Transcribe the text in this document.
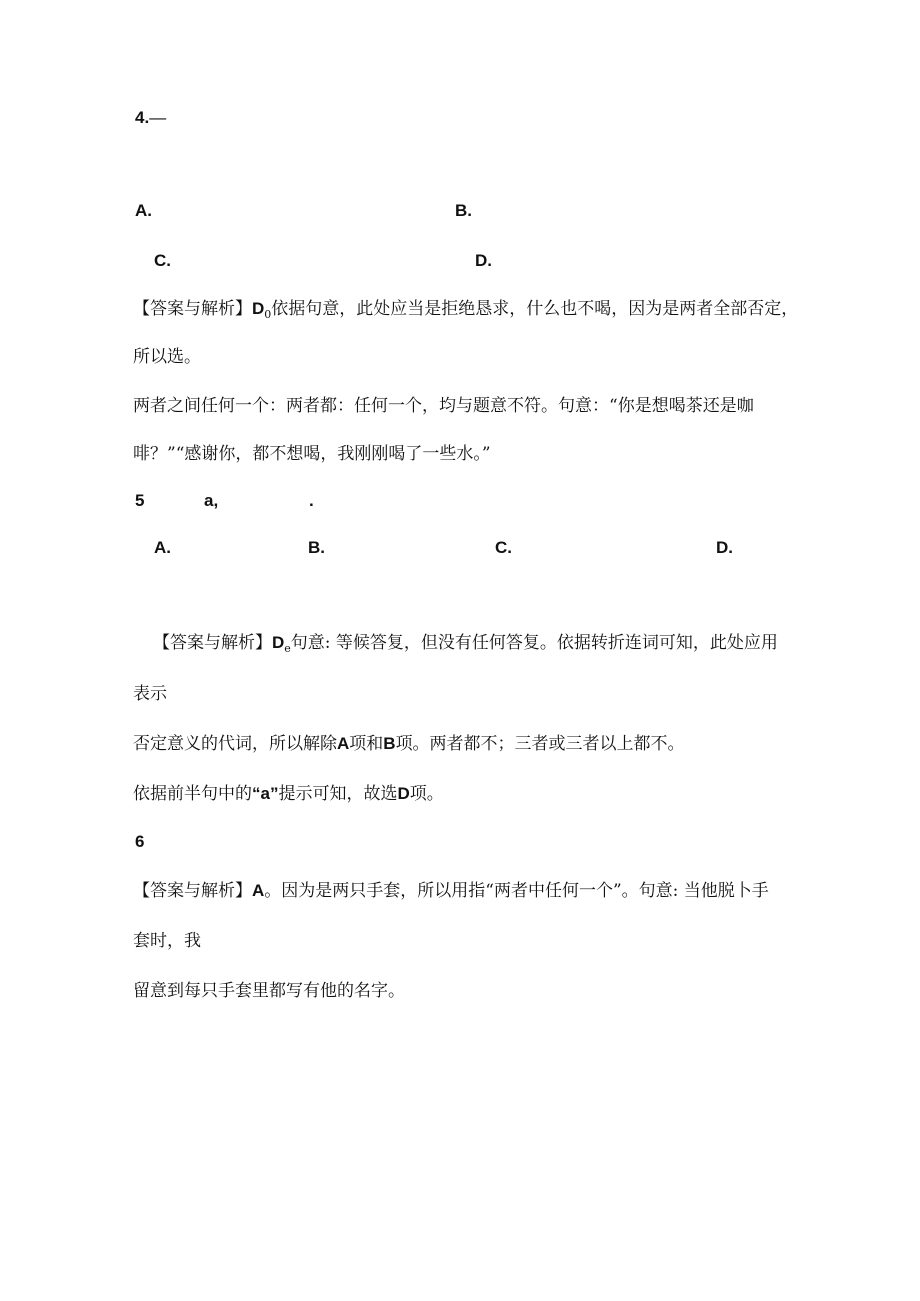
4.—
A.	B.
C.	D.
【答案与解析】$D_0$依据句意，此处应当是拒绝恳求，什么也不喝，因为是两者全部否定，
所以选。
两者之间任何一个：两者都：任何一个，均与题意不符。句意：“你是想喝茶还是咖
啡？”“感谢你，都不想喝，我刚刚喝了一些水。”
5	a,	.
A.	B.	C.	D.
【答案与解析】$D_e$句意: 等候答复，但没有任何答复。依据转折连词可知，此处应用
表示
否定意义的代词，所以解除A项和B项。两者都不；三者或三者以上都不。
依据前半句中的“a”提示可知，故选D项。
6
【答案与解析】A。因为是两只手套，所以用指“两者中任何一个”。句意: 当他脱卜手
套时，我
留意到每只手套里都写有他的名字。
